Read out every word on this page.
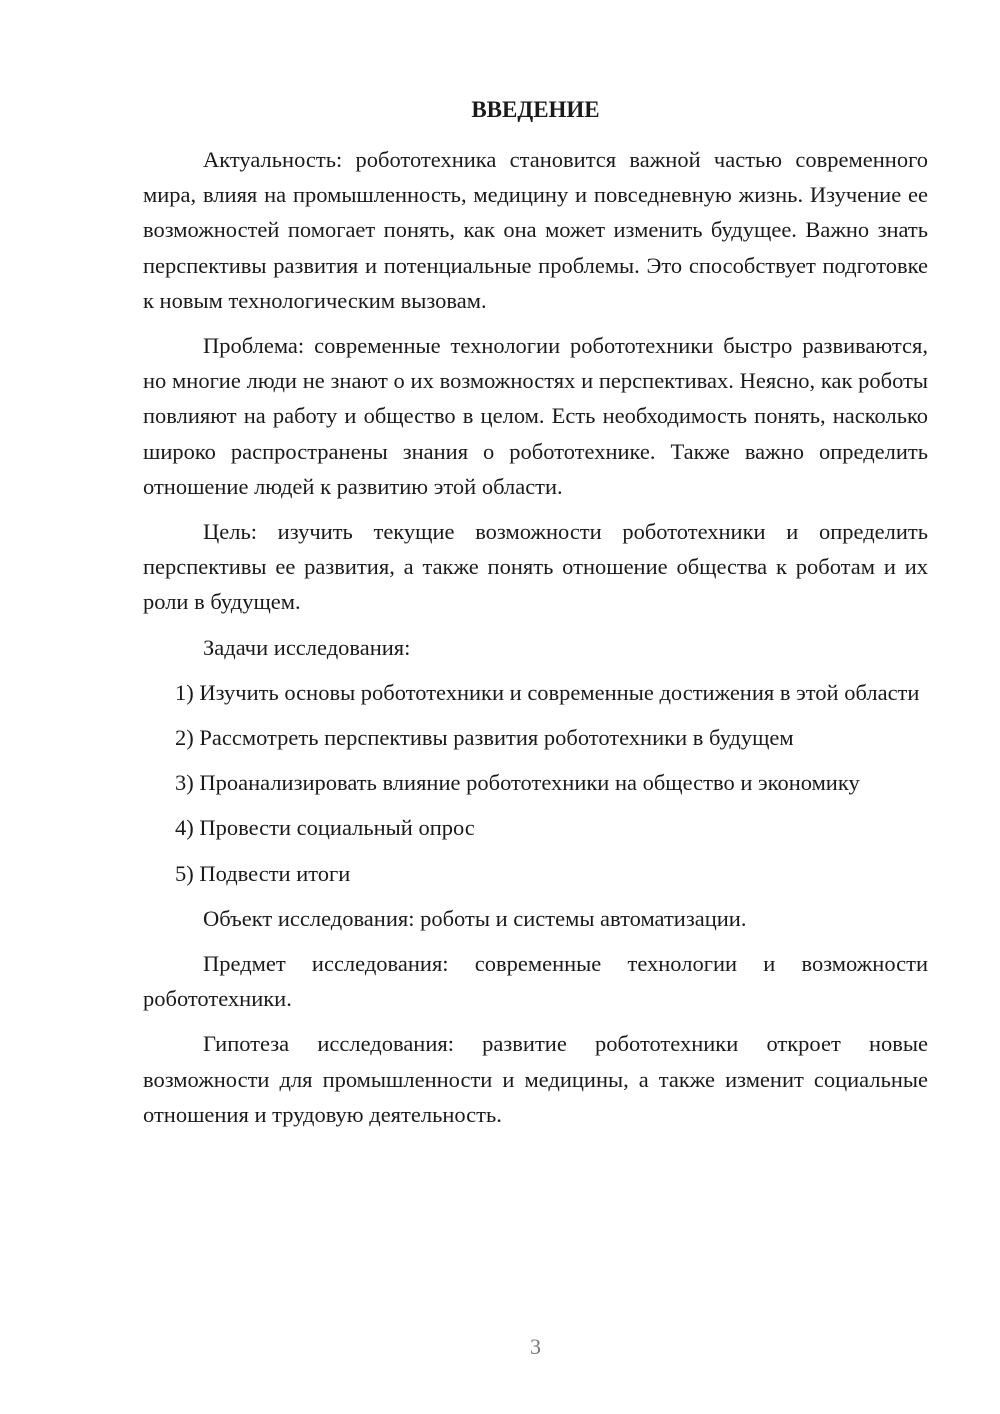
ВВЕДЕНИЕ

Актуальность: робототехника становится важной частью современного мира, влияя на промышленность, медицину и повседневную жизнь. Изучение ее возможностей помогает понять, как она может изменить будущее. Важно знать перспективы развития и потенциальные проблемы. Это способствует подготовке к новым технологическим вызовам.

Проблема: современные технологии робототехники быстро развиваются, но многие люди не знают о их возможностях и перспективах. Неясно, как роботы повлияют на работу и общество в целом. Есть необходимость понять, насколько широко распространены знания о робототехнике. Также важно определить отношение людей к развитию этой области.

Цель: изучить текущие возможности робототехники и определить перспективы ее развития, а также понять отношение общества к роботам и их роли в будущем.

Задачи исследования:

1) Изучить основы робототехники и современные достижения в этой области

2) Рассмотреть перспективы развития робототехники в будущем

3) Проанализировать влияние робототехники на общество и экономику

4) Провести социальный опрос

5) Подвести итоги

Объект исследования: роботы и системы автоматизации.

Предмет исследования: современные технологии и возможности робототехники.

Гипотеза исследования: развитие робототехники откроет новые возможности для промышленности и медицины, а также изменит социальные отношения и трудовую деятельность.

3
